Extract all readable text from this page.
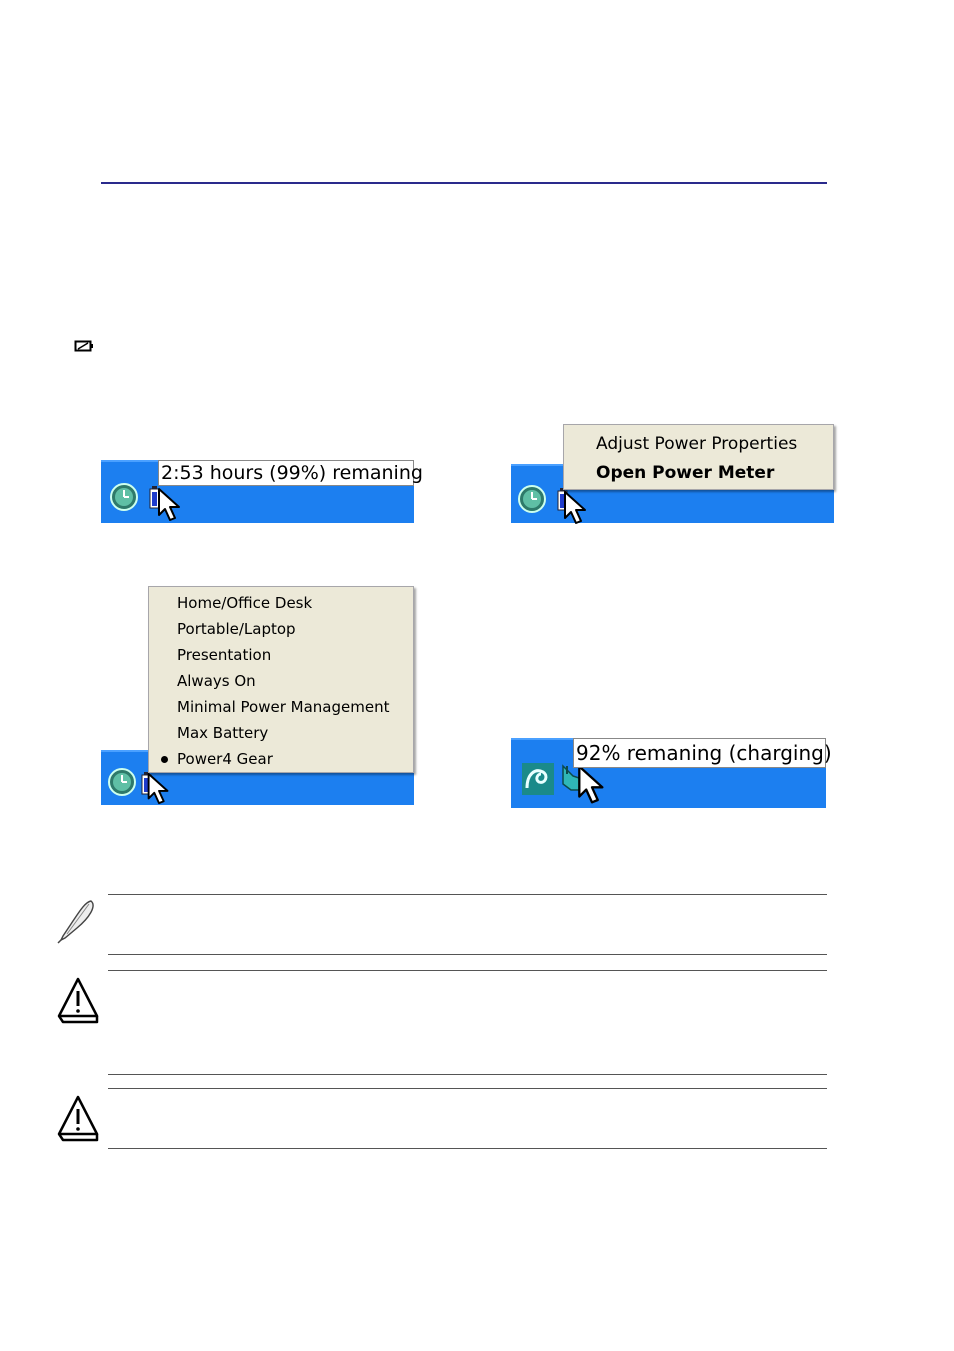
2:53 hours (99%) remaning
Adjust Power Properties
Open Power Meter
Home/Office Desk
Portable/Laptop
Presentation
Always On
Minimal Power Management
Max Battery
Power4 Gear	92% remaning (charging)
